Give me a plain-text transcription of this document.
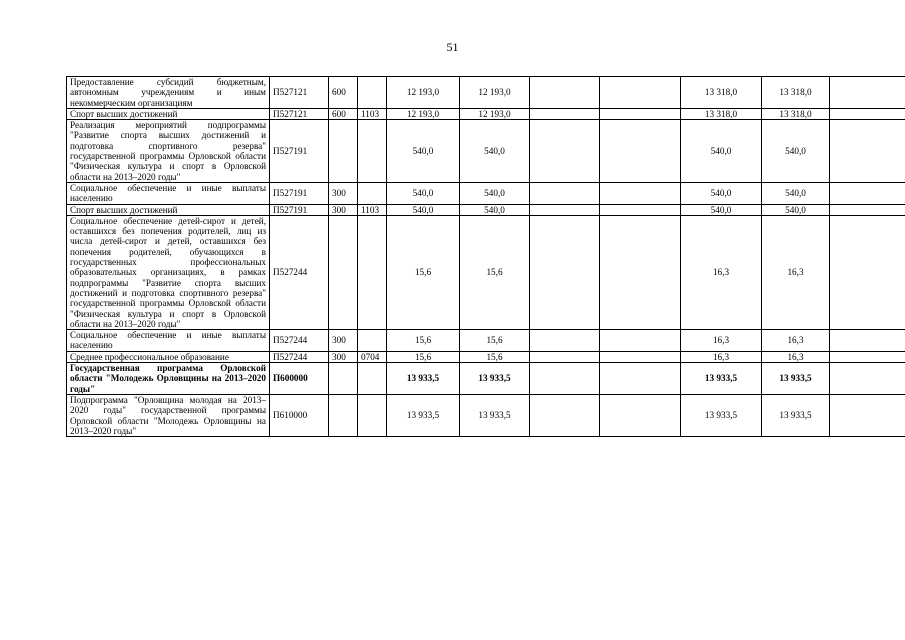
51
Предоставление субсидий бюджетным, автономным учреждениям и иным некоммерческим организациям	П527121	600		12 193,0	12 193,0			13 318,0	13 318,0	
Спорт высших достижений	П527121	600	1103	12 193,0	12 193,0			13 318,0	13 318,0	
Реализация мероприятий подпрограммы "Развитие спорта высших достижений и подготовка спортивного резерва" государственной программы Орловской области "Физическая культура и спорт в Орловской области на 2013–2020 годы"	П527191			540,0	540,0			540,0	540,0	
Социальное обеспечение и иные выплаты населению	П527191	300		540,0	540,0			540,0	540,0	
Спорт высших достижений	П527191	300	1103	540,0	540,0			540,0	540,0	
Социальное обеспечение детей-сирот и детей, оставшихся без попечения родителей, лиц из числа детей-сирот и детей, оставшихся без попечения родителей, обучающихся в государственных профессиональных образовательных организациях, в рамках подпрограммы "Развитие спорта высших достижений и подготовка спортивного резерва" государственной программы Орловской области "Физическая культура и спорт в Орловской области на 2013–2020 годы"	П527244			15,6	15,6			16,3	16,3	
Социальное обеспечение и иные выплаты населению	П527244	300		15,6	15,6			16,3	16,3	
Среднее профессиональное образование	П527244	300	0704	15,6	15,6			16,3	16,3	
Государственная программа Орловской области "Молодежь Орловщины на 2013–2020 годы"	П600000			13 933,5	13 933,5			13 933,5	13 933,5	
Подпрограмма "Орловщина молодая на 2013–2020 годы" государственной программы Орловской области "Молодежь Орловщины на 2013–2020 годы"	П610000			13 933,5	13 933,5			13 933,5	13 933,5	
